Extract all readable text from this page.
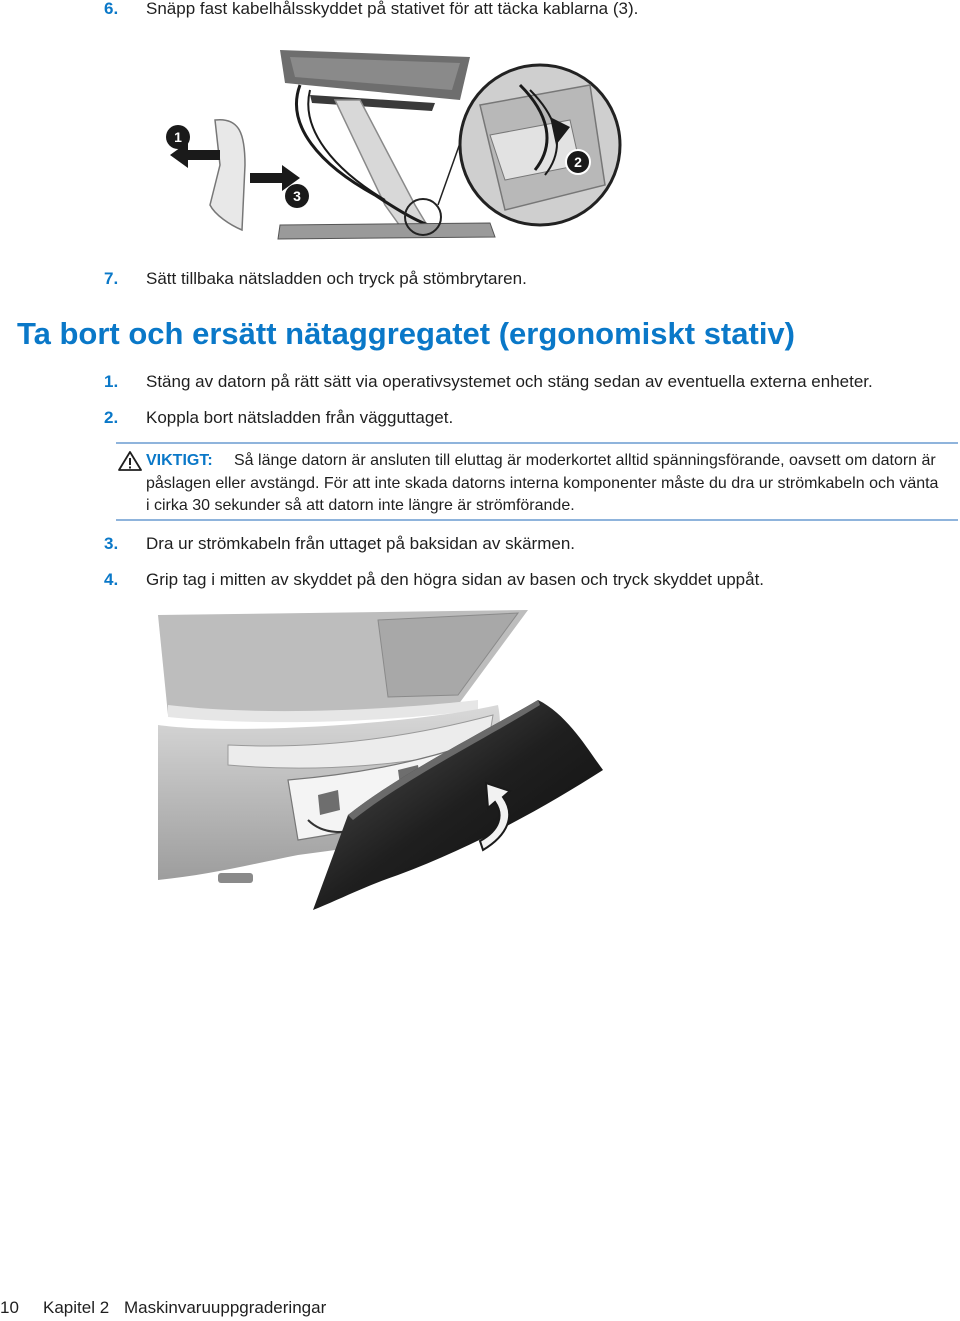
6. Snäpp fast kabelhålsskyddet på stativet för att täcka kablarna (3).
1
2
3
7. Sätt tillbaka nätsladden och tryck på stömbrytaren.
Ta bort och ersätt nätaggregatet (ergonomiskt stativ)
1. Stäng av datorn på rätt sätt via operativsystemet och stäng sedan av eventuella externa enheter.
2. Koppla bort nätsladden från vägguttaget.

Så länge datorn är ansluten till eluttag är moderkortet alltid spänningsförande, oavsett om datorn är påslagen eller avstängd. För att inte skada datorns interna komponenter måste du dra ur strömkabeln och vänta i cirka 30 sekunder så att datorn inte längre är strömförande.

VIKTIGT:
3. Dra ur strömkabeln från uttaget på baksidan av skärmen.
4. Grip tag i mitten av skyddet på den högra sidan av basen och tryck skyddet uppåt.
10 Kapitel 2 Maskinvaruuppgraderingar
